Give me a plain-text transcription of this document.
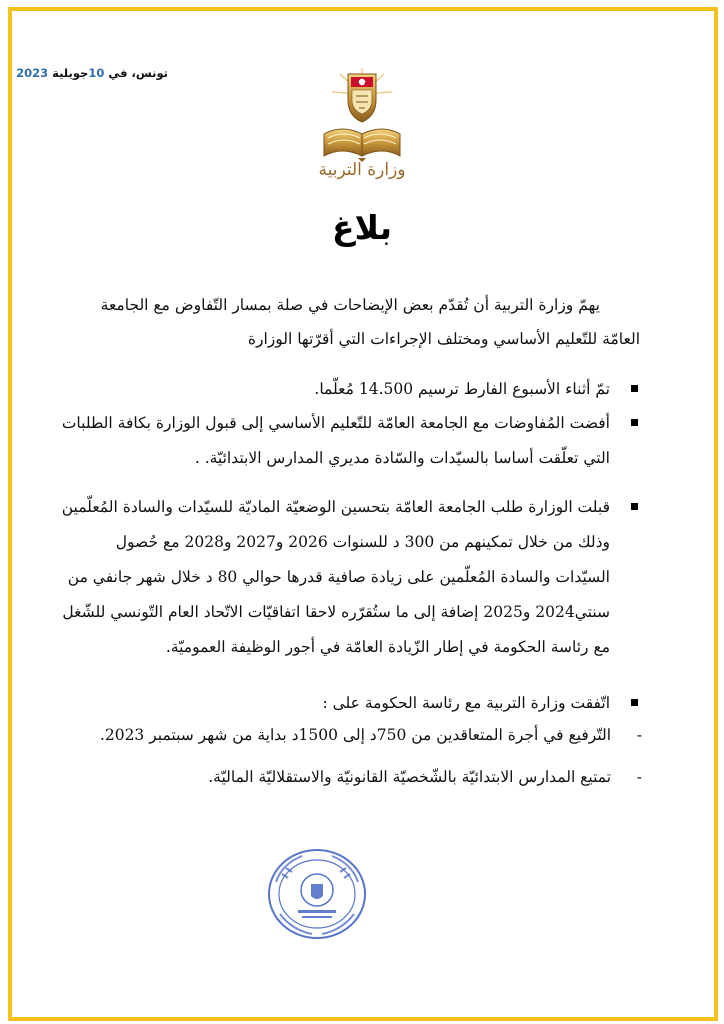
تونس، في 10جويلية 2023
وزارة التربية
بلاغ
يهمّ وزارة التربية أن تُقدّم بعض الإيضاحات في صلة بمسار التّفاوض مع الجامعة العامّة للتّعليم الأساسي ومختلف الإجراءات التي أقرّتها الوزارة
تمّ أثناء الأسبوع الفارط ترسيم 14.500 مُعلّما.
أفضت المُفاوضات مع الجامعة العامّة للتّعليم الأساسي إلى قبول الوزارة بكافة الطلبات التي تعلّقت أساسا بالسيّدات والسّادة مديري المدارس الابتدائيّة. .
قبلت الوزارة طلب الجامعة العامّة بتحسين الوضعيّة الماديّة للسيّدات والسادة المُعلّمين وذلك من خلال تمكينهم من 300 د للسنوات 2026 و2027 و2028 مع حُصول السيّدات والسادة المُعلّمين على زيادة صافية قدرها حوالي 80 د خلال شهر جانفي من سنتي2024 و2025 إضافة إلى ما ستُقرّره لاحقا اتفاقيّات الاتّحاد العام التّونسي للشّغل مع رئاسة الحكومة في إطار الزّيادة العامّة في أجور الوظيفة العموميّة.
اتّفقت وزارة التربية مع رئاسة الحكومة على :
- التّرفيع في أجرة المتعاقدين من 750د إلى 1500د بداية من شهر سبتمبر 2023.
- تمتيع المدارس الابتدائيّة بالشّخصيّة القانونيّة والاستقلاليّة الماليّة.
